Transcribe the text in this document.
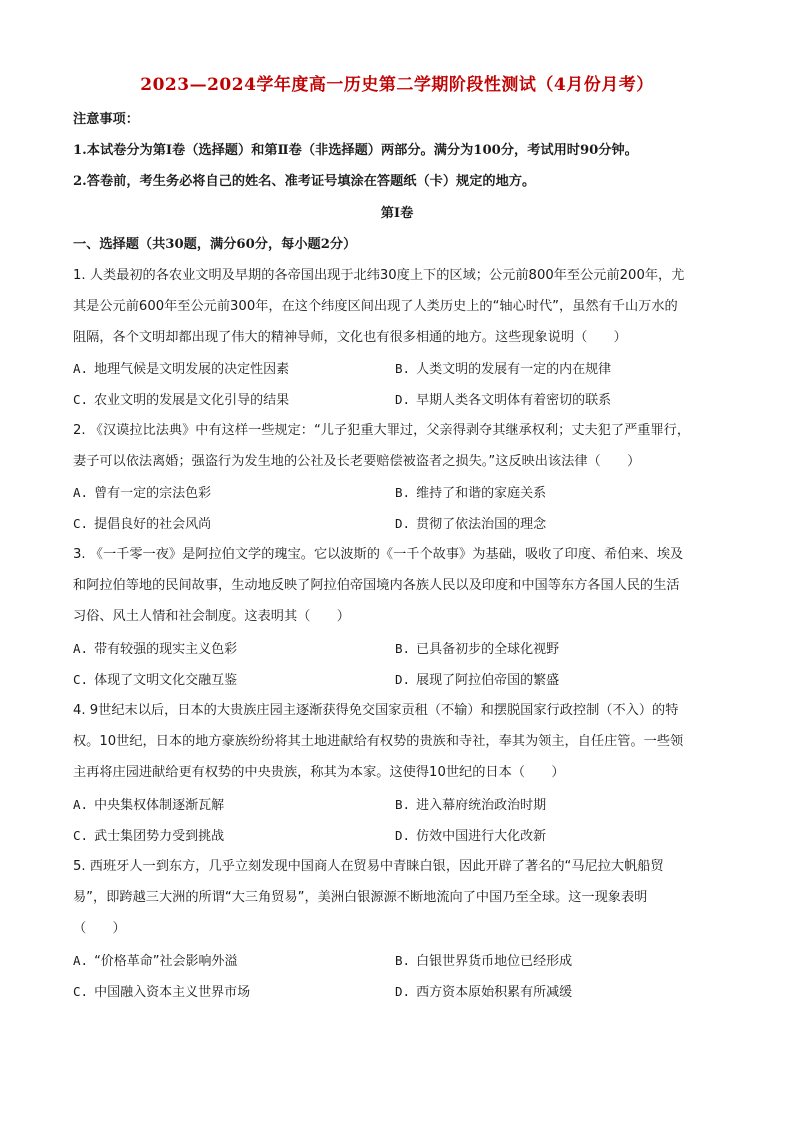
2023—2024学年度高一历史第二学期阶段性测试（4月份月考）
注意事项：
1.本试卷分为第Ⅰ卷（选择题）和第Ⅱ卷（非选择题）两部分。满分为100分，考试用时90分钟。
2.答卷前，考生务必将自己的姓名、准考证号填涂在答题纸（卡）规定的地方。
第Ⅰ卷
一、选择题（共30题，满分60分，每小题2分）
1. 人类最初的各农业文明及早期的各帝国出现于北纬30度上下的区域；公元前800年至公元前200年，尤
其是公元前600年至公元前300年，在这个纬度区间出现了人类历史上的“轴心时代”，虽然有千山万水的
阻隔，各个文明却都出现了伟大的精神导师，文化也有很多相通的地方。这些现象说明（　　）
A. 地理气候是文明发展的决定性因素	B. 人类文明的发展有一定的内在规律
C. 农业文明的发展是文化引导的结果	D. 早期人类各文明体有着密切的联系
2. 《汉谟拉比法典》中有这样一些规定：“儿子犯重大罪过，父亲得剥夺其继承权利；丈夫犯了严重罪行，
妻子可以依法离婚；强盗行为发生地的公社及长老要赔偿被盗者之损失。”这反映出该法律（　　）
A. 曾有一定的宗法色彩	B. 维持了和谐的家庭关系
C. 提倡良好的社会风尚	D. 贯彻了依法治国的理念
3. 《一千零一夜》是阿拉伯文学的瑰宝。它以波斯的《一千个故事》为基础，吸收了印度、希伯来、埃及
和阿拉伯等地的民间故事，生动地反映了阿拉伯帝国境内各族人民以及印度和中国等东方各国人民的生活
习俗、风土人情和社会制度。这表明其（　　）
A. 带有较强的现实主义色彩	B. 已具备初步的全球化视野
C. 体现了文明文化交融互鉴	D. 展现了阿拉伯帝国的繁盛
4. 9世纪末以后，日本的大贵族庄园主逐渐获得免交国家贡租（不输）和摆脱国家行政控制（不入）的特
权。10世纪，日本的地方豪族纷纷将其土地进献给有权势的贵族和寺社，奉其为领主，自任庄管。一些领
主再将庄园进献给更有权势的中央贵族，称其为本家。这使得10世纪的日本（　　）
A. 中央集权体制逐渐瓦解	B. 进入幕府统治政治时期
C. 武士集团势力受到挑战	D. 仿效中国进行大化改新
5. 西班牙人一到东方，几乎立刻发现中国商人在贸易中青睐白银，因此开辟了著名的“马尼拉大帆船贸
易”，即跨越三大洲的所谓“大三角贸易”，美洲白银源源不断地流向了中国乃至全球。这一现象表明
（　　）
A. “价格革命”社会影响外溢	B. 白银世界货币地位已经形成
C. 中国融入资本主义世界市场	D. 西方资本原始积累有所减缓
